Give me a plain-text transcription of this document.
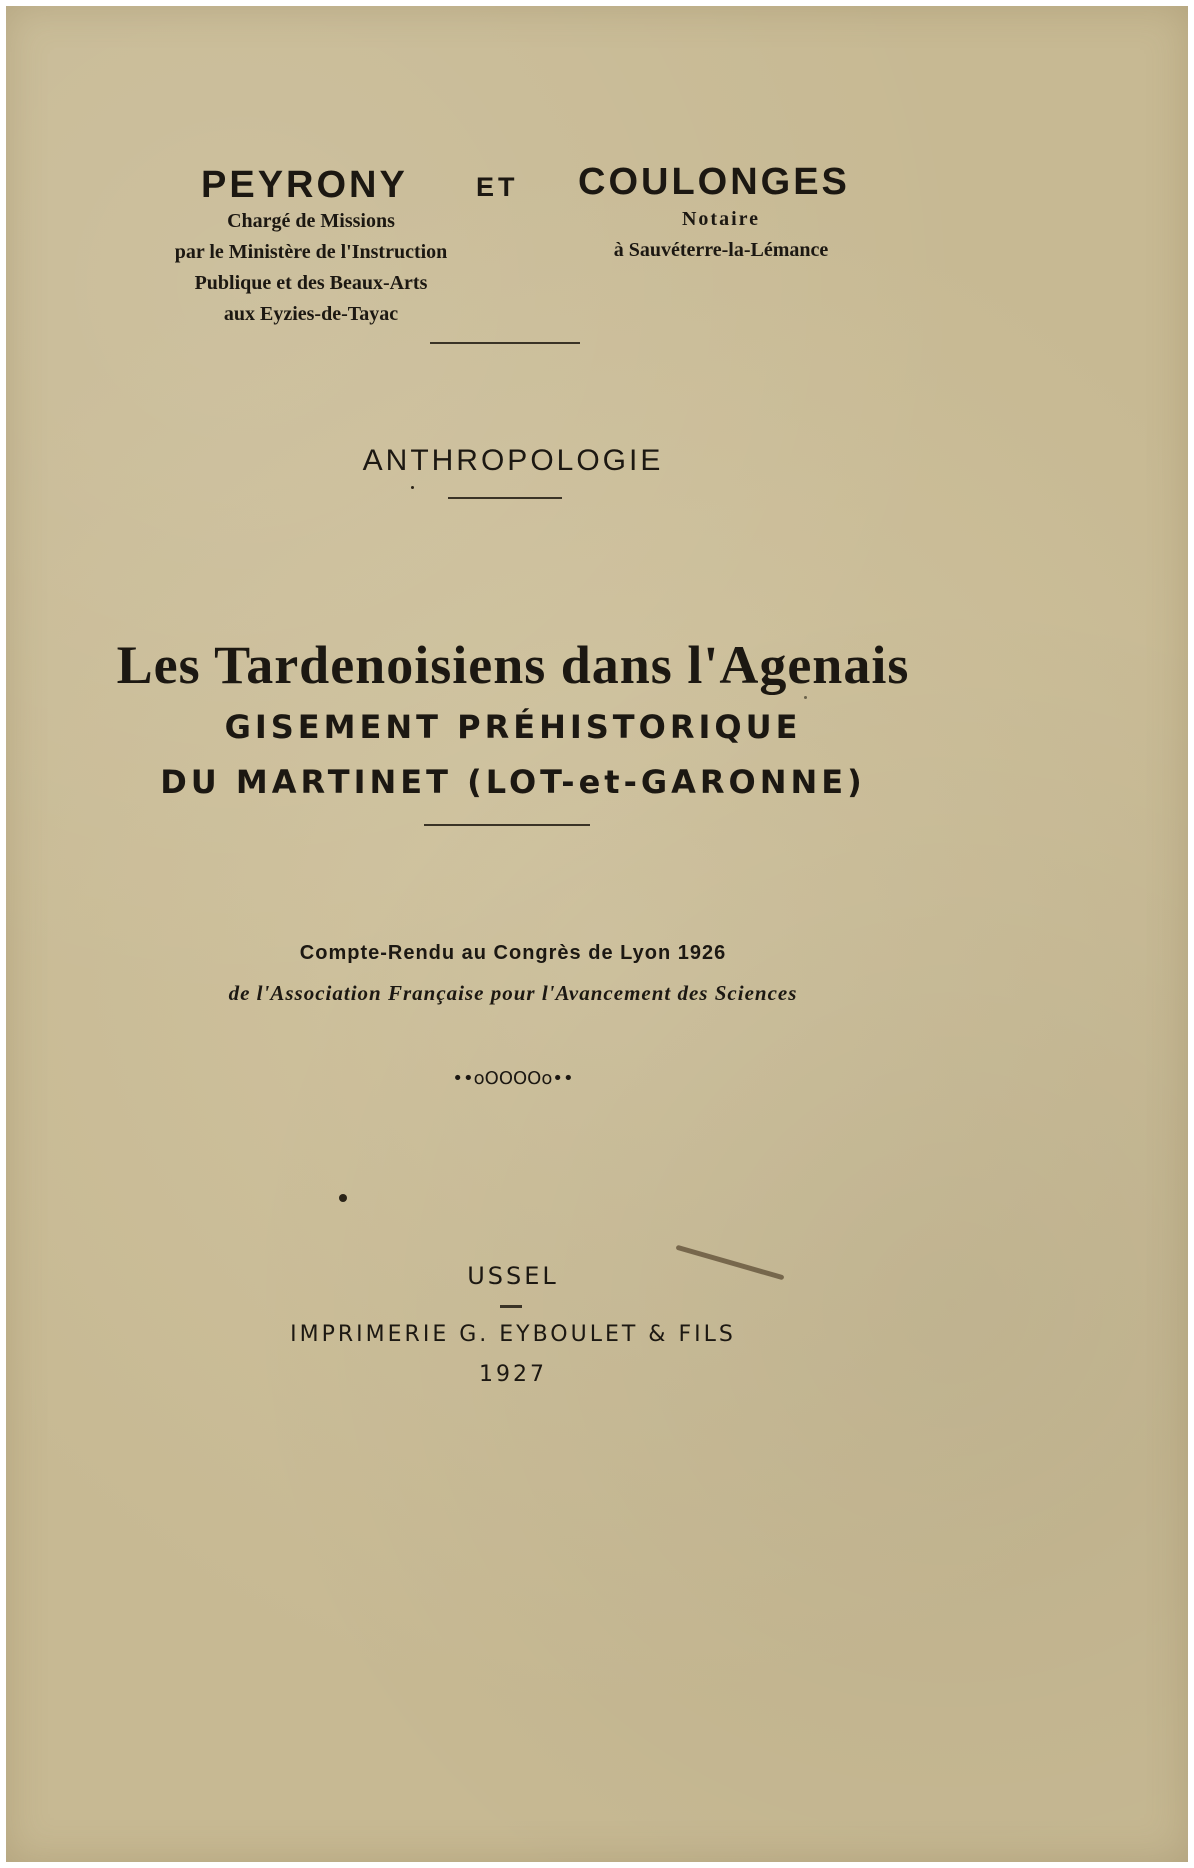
PEYRONY	ET COULONGES
Chargé de Missions
par le Ministère de l'Instruction
Publique et des Beaux-Arts
aux Eyzies-de-Tayac
Notaire
à Sauvéterre-la-Lémance
ANTHROPOLOGIE
Les Tardenoisiens dans l'Agenais
GISEMENT PRÉHISTORIQUE
DU MARTINET (LOT-et-GARONNE)
Compte-Rendu au Congrès de Lyon 1926
de l'Association Française pour l'Avancement des Sciences
••oOOOOo••
USSEL
IMPRIMERIE G. EYBOULET & FILS
1927
